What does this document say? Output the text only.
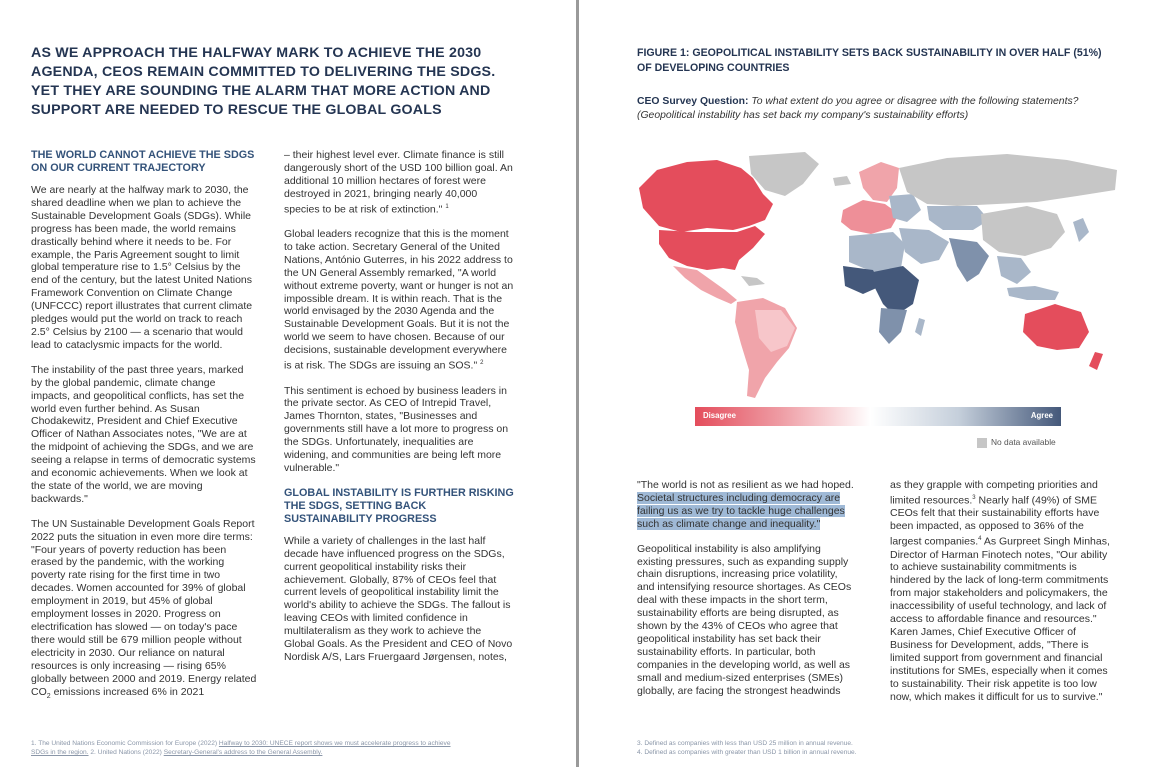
AS WE APPROACH THE HALFWAY MARK TO ACHIEVE THE 2030 AGENDA, CEOS REMAIN COMMITTED TO DELIVERING THE SDGS. YET THEY ARE SOUNDING THE ALARM THAT MORE ACTION AND SUPPORT ARE NEEDED TO RESCUE THE GLOBAL GOALS
THE WORLD CANNOT ACHIEVE THE SDGS ON OUR CURRENT TRAJECTORY

We are nearly at the halfway mark to 2030, the shared deadline when we plan to achieve the Sustainable Development Goals (SDGs). While progress has been made, the world remains drastically behind where it needs to be. For example, the Paris Agreement sought to limit global temperature rise to 1.5° Celsius by the end of the century, but the latest United Nations Framework Convention on Climate Change (UNFCCC) report illustrates that current climate pledges would put the world on track to reach 2.5° Celsius by 2100 — a scenario that would lead to cataclysmic impacts for the world.

The instability of the past three years, marked by the global pandemic, climate change impacts, and geopolitical conflicts, has set the world even further behind. As Susan Chodakewitz, President and Chief Executive Officer of Nathan Associates notes, "We are at the midpoint of achieving the SDGs, and we are seeing a relapse in terms of democratic systems and economic achievements. When we look at the state of the world, we are moving backwards."

The UN Sustainable Development Goals Report 2022 puts the situation in even more dire terms: "Four years of poverty reduction has been erased by the pandemic, with the working poverty rate rising for the first time in two decades. Women accounted for 39% of global employment in 2019, but 45% of global employment losses in 2020. Progress on electrification has slowed — on today's pace there would still be 679 million people without electricity in 2030. Our reliance on natural resources is only increasing — rising 65% globally between 2000 and 2019. Energy related $CO_2$ emissions increased 6% in 2021

– their highest level ever. Climate finance is still dangerously short of the USD 100 billion goal. An additional 10 million hectares of forest were destroyed in 2021, bringing nearly 40,000 species to be at risk of extinction." $^1$

Global leaders recognize that this is the moment to take action. Secretary General of the United Nations, António Guterres, in his 2022 address to the UN General Assembly remarked, "A world without extreme poverty, want or hunger is not an impossible dream. It is within reach. That is the world envisaged by the 2030 Agenda and the Sustainable Development Goals. But it is not the world we seem to have chosen. Because of our decisions, sustainable development everywhere is at risk. The SDGs are issuing an SOS." $^2$

This sentiment is echoed by business leaders in the private sector. As CEO of Intrepid Travel, James Thornton, states, "Businesses and governments still have a lot more to progress on the SDGs. Unfortunately, inequalities are widening, and communities are being left more vulnerable."

GLOBAL INSTABILITY IS FURTHER RISKING THE SDGS, SETTING BACK SUSTAINABILITY PROGRESS

While a variety of challenges in the last half decade have influenced progress on the SDGs, current geopolitical instability risks their achievement. Globally, 87% of CEOs feel that current levels of geopolitical instability limit the world's ability to achieve the SDGs. The fallout is leaving CEOs with limited confidence in multilateralism as they work to achieve the Global Goals. As the President and CEO of Novo Nordisk A/S, Lars Fruergaard Jørgensen, notes,

1. The United Nations Economic Commission for Europe (2022) Halfway to 2030: UNECE report shows we must accelerate progress to achieve SDGs in the region. 2. United Nations (2022) Secretary-General's address to the General Assembly.
FIGURE 1: GEOPOLITICAL INSTABILITY SETS BACK SUSTAINABILITY IN OVER HALF (51%) OF DEVELOPING COUNTRIES
CEO Survey Question: To what extent do you agree or disagree with the following statements? (Geopolitical instability has set back my company's sustainability efforts)
Disagree	Agree
No data available

"The world is not as resilient as we had hoped. Societal structures including democracy are failing us as we try to tackle huge challenges such as climate change and inequality."

Geopolitical instability is also amplifying existing pressures, such as expanding supply chain disruptions, increasing price volatility, and intensifying resource shortages. As CEOs deal with these impacts in the short term, sustainability efforts are being disrupted, as shown by the 43% of CEOs who agree that geopolitical instability has set back their sustainability efforts. In particular, both companies in the developing world, as well as small and medium-sized enterprises (SMEs) globally, are facing the strongest headwinds

as they grapple with competing priorities and limited resources.$^3$ Nearly half (49%) of SME CEOs felt that their sustainability efforts have been impacted, as opposed to 36% of the largest companies.$^4$ As Gurpreet Singh Minhas, Director of Harman Finotech notes, "Our ability to achieve sustainability commitments is hindered by the lack of long-term commitments from major stakeholders and policymakers, the inaccessibility of useful technology, and lack of access to affordable finance and resources." Karen James, Chief Executive Officer of Business for Development, adds, "There is limited support from government and financial institutions for SMEs, especially when it comes to sustainability. Their risk appetite is too low now, which makes it difficult for us to survive."

3. Defined as companies with less than USD 25 million in annual revenue.
4. Defined as companies with greater than USD 1 billion in annual revenue.
